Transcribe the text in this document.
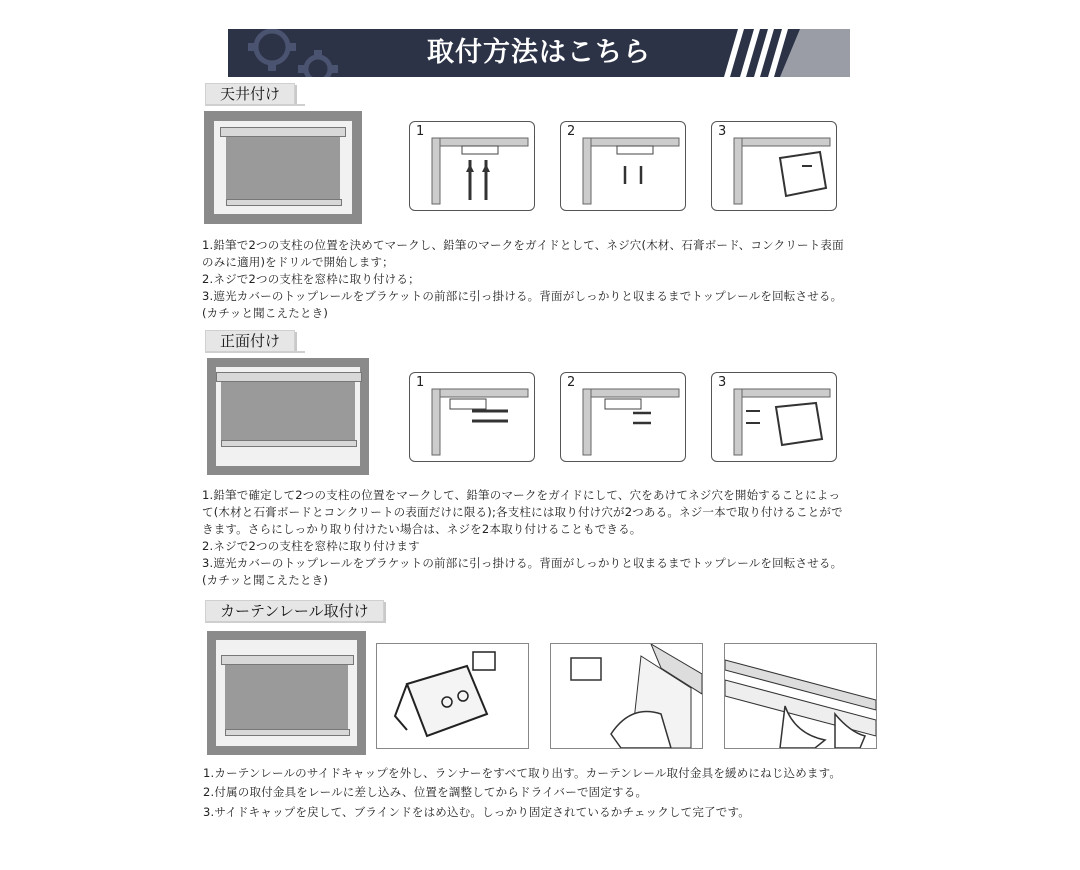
取付方法はこちら
天井付け
1	2	3
1.鉛筆で2つの支柱の位置を決めてマークし、鉛筆のマークをガイドとして、ネジ穴(木材、石膏ボード、コンクリート表面
のみに適用)をドリルで開始します；
2.ネジで2つの支柱を窓枠に取り付ける；
3.遮光カバーのトップレールをブラケットの前部に引っ掛ける。背面がしっかりと収まるまでトップレールを回転させる。
(カチッと聞こえたとき)
正面付け
1	2	3
1.鉛筆で確定して2つの支柱の位置をマークして、鉛筆のマークをガイドにして、穴をあけてネジ穴を開始することによっ
て(木材と石膏ボードとコンクリートの表面だけに限る);各支柱には取り付け穴が2つある。ネジ一本で取り付けることがで
きます。さらにしっかり取り付けたい場合は、ネジを2本取り付けることもできる。
2.ネジで2つの支柱を窓枠に取り付けます
3.遮光カバーのトップレールをブラケットの前部に引っ掛ける。背面がしっかりと収まるまでトップレールを回転させる。
(カチッと聞こえたとき)
カーテンレール取付け
1.カーテンレールのサイドキャップを外し、ランナーをすべて取り出す。カーテンレール取付金具を緩めにねじ込めます。
2.付属の取付金具をレールに差し込み、位置を調整してからドライバーで固定する。
3.サイドキャップを戻して、ブラインドをはめ込む。しっかり固定されているかチェックして完了です。
